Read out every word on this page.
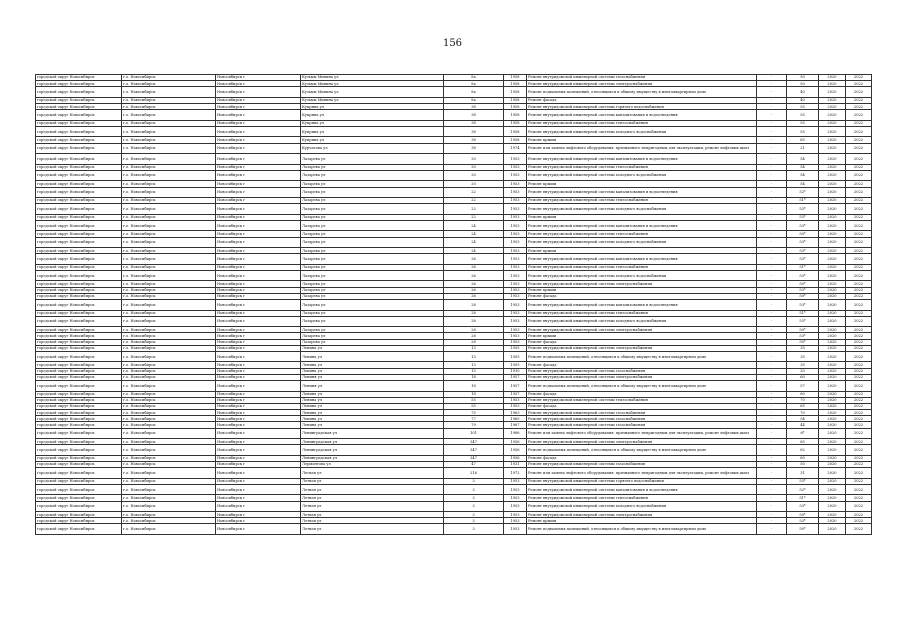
156
городской округ Новосибирск	г.о. Новосибирск	Новосибирск г	Кузьмы Минина ул	8а	1958	Ремонт внутридомовой инженерной системы газоснабжения	-	50	2020	2022
городской округ Новосибирск	г.о. Новосибирск	Новосибирск г	Кузьмы Минина ул	8а	1958	Ремонт внутридомовой инженерной системы электроснабжения	-	50	2020	2022
городской округ Новосибирск	г.о. Новосибирск	Новосибирск г	Кузьмы Минина ул	8а	1958	Ремонт подвальных помещений, относящихся к общему имуществу в многоквартирном доме	-	40	2020	2022
городской округ Новосибирск	г.о. Новосибирск	Новосибирск г	Кузьмы Минина ул	8а	1958	Ремонт фасада	-	40	2020	2022
городской округ Новосибирск	г.о. Новосибирск	Новосибирск г	Куприна ул	38	1958	Ремонт внутридомовой инженерной системы горячего водоснабжения	-	55	2020	2022
городской округ Новосибирск	г.о. Новосибирск	Новосибирск г	Куприна ул	38	1958	Ремонт внутридомовой инженерной системы канализования и водоотведения	-	55	2020	2022
городской округ Новосибирск	г.о. Новосибирск	Новосибирск г	Куприна ул	38	1958	Ремонт внутридомовой инженерной системы теплоснабжения	-	55	2020	2022
городской округ Новосибирск	г.о. Новосибирск	Новосибирск г	Куприна ул	38	1958	Ремонт внутридомовой инженерной системы холодного водоснабжения	-	55	2020	2022
городской округ Новосибирск	г.о. Новосибирск	Новосибирск г	Куприна ул	38	1958	Ремонт крыши	-	65	2020	2022
городской округ Новосибирск	г.о. Новосибирск	Новосибирск г	Курчатова ул	38	1974	Ремонт или замена лифтового оборудования, признанного непригодным для эксплуатации, ремонт лифтовых шахт	-	21	2020	2022
городской округ Новосибирск	г.о. Новосибирск	Новосибирск г	Лазарева ул	20	1953	Ремонт внутридомовой инженерной системы канализования и водоотведения	-	54	2020	2022
городской округ Новосибирск	г.о. Новосибирск	Новосибирск г	Лазарева ул	20	1953	Ремонт внутридомовой инженерной системы теплоснабжения	-	54	2020	2022
городской округ Новосибирск	г.о. Новосибирск	Новосибирск г	Лазарева ул	20	1953	Ремонт внутридомовой инженерной системы холодного водоснабжения	-	54	2020	2022
городской округ Новосибирск	г.о. Новосибирск	Новосибирск г	Лазарева ул	20	1953	Ремонт крыши	-	54	2020	2022
городской округ Новосибирск	г.о. Новосибирск	Новосибирск г	Лазарева ул	22	1953	Ремонт внутридомовой инженерной системы канализования и водоотведения	-	52*	2020	2022
городской округ Новосибирск	г.о. Новосибирск	Новосибирск г	Лазарева ул	22	1953	Ремонт внутридомовой инженерной системы теплоснабжения	-	51*	2020	2022
городской округ Новосибирск	г.о. Новосибирск	Новосибирск г	Лазарева ул	22	1953	Ремонт внутридомовой инженерной системы холодного водоснабжения	-	53*	2020	2022
городской округ Новосибирск	г.о. Новосибирск	Новосибирск г	Лазарева ул	22	1953	Ремонт крыши	-	53*	2020	2022
городской округ Новосибирск	г.о. Новосибирск	Новосибирск г	Лазарева ул	24	1953	Ремонт внутридомовой инженерной системы канализования и водоотведения	-	53*	2020	2022
городской округ Новосибирск	г.о. Новосибирск	Новосибирск г	Лазарева ул	24	1953	Ремонт внутридомовой инженерной системы теплоснабжения	-	50*	2020	2022
городской округ Новосибирск	г.о. Новосибирск	Новосибирск г	Лазарева ул	24	1953	Ремонт внутридомовой инженерной системы холодного водоснабжения	-	53*	2020	2022
городской округ Новосибирск	г.о. Новосибирск	Новосибирск г	Лазарева ул	24	1953	Ремонт крыши	-	53*	2020	2022
городской округ Новосибирск	г.о. Новосибирск	Новосибирск г	Лазарева ул	26	1953	Ремонт внутридомовой инженерной системы канализования и водоотведения	-	53*	2020	2022
городской округ Новосибирск	г.о. Новосибирск	Новосибирск г	Лазарева ул	26	1953	Ремонт внутридомовой инженерной системы теплоснабжения	-	51*	2020	2022
городской округ Новосибирск	г.о. Новосибирск	Новосибирск г	Лазарева ул	26	1953	Ремонт внутридомовой инженерной системы холодного водоснабжения	-	53*	2020	2022
городской округ Новосибирск	г.о. Новосибирск	Новосибирск г	Лазарева ул	26	1953	Ремонт внутридомовой инженерной системы электроснабжения	-	50*	2020	2022
городской округ Новосибирск	г.о. Новосибирск	Новосибирск г	Лазарева ул	26	1953	Ремонт крыши	-	53*	2020	2022
городской округ Новосибирск	г.о. Новосибирск	Новосибирск г	Лазарева ул	26	1953	Ремонт фасада	-	50*	2020	2022
городской округ Новосибирск	г.о. Новосибирск	Новосибирск г	Лазарева ул	28	1953	Ремонт внутридомовой инженерной системы канализования и водоотведения	-	53*	2020	2022
городской округ Новосибирск	г.о. Новосибирск	Новосибирск г	Лазарева ул	28	1953	Ремонт внутридомовой инженерной системы теплоснабжения	-	51*	2020	2022
городской округ Новосибирск	г.о. Новосибирск	Новосибирск г	Лазарева ул	28	1953	Ремонт внутридомовой инженерной системы холодного водоснабжения	-	53*	2020	2022
городской округ Новосибирск	г.о. Новосибирск	Новосибирск г	Лазарева ул	28	1953	Ремонт внутридомовой инженерной системы электроснабжения	-	50*	2020	2022
городской округ Новосибирск	г.о. Новосибирск	Новосибирск г	Лазарева ул	28	1953	Ремонт крыши	-	53*	2020	2022
городской округ Новосибирск	г.о. Новосибирск	Новосибирск г	Лазарева ул	28	1953	Ремонт фасада	-	50*	2020	2022
городской округ Новосибирск	г.о. Новосибирск	Новосибирск г	Ленина ул	13	1955	Ремонт внутридомовой инженерной системы электроснабжения	-	35	2020	2022
городской округ Новосибирск	г.о. Новосибирск	Новосибирск г	Ленина ул	13	1955	Ремонт подвальных помещений, относящихся к общему имуществу в многоквартирном доме	-	35	2020	2022
городской округ Новосибирск	г.о. Новосибирск	Новосибирск г	Ленина ул	13	1955	Ремонт фасада	-	35	2020	2022
городской округ Новосибирск	г.о. Новосибирск	Новосибирск г	Ленина ул	15	1910	Ремонт внутридомовой инженерной системы газоснабжения	-	20	2020	2022
городской округ Новосибирск	г.о. Новосибирск	Новосибирск г	Лениня ул	18	1957	Ремонт внутридомовой инженерной системы электроснабжения	-	60	2020	2022
городской округ Новосибирск	г.о. Новосибирск	Новосибирск г	Лениня ул	18	1957	Ремонт подвальных помещений, относящихся к общему имуществу в многоквартирном доме	-	57	2020	2022
городской округ Новосибирск	г.о. Новосибирск	Новосибирск г	Ленина ул	18	1957	Ремонт фасада	-	60	2020	2022
городской округ Новосибирск	г.о. Новосибирск	Новосибирск г	Ленина ул	55	1953	Ремонт внутридомовой инженерной системы теплоснабжения	-	70	2020	2022
городской округ Новосибирск	г.о. Новосибирск	Новосибирск г	Ленина ул	55	1953	Ремонт фасада	-	65	2020	2022
городской округ Новосибирск	г.о. Новосибирск	Новосибирск г	Ленина ул	75	1963	Ремонт внутридомовой инженерной системы газоснабжения	-	70	2020	2022
городской округ Новосибирск	г.о. Новосибирск	Новосибирск г	Ленина ул	77	1965	Ремонт внутридомовой инженерной системы газоснабжения	-	54	2020	2022
городской округ Новосибирск	г.о. Новосибирск	Новосибирск г	Ленина ул	79	1967	Ремонт внутридомовой инженерной системы газоснабжения	-	44	2020	2022
городской округ Новосибирск	г.о. Новосибирск	Новосибирск г	Ленинградская ул	101	1986	Ремонт или замена лифтового оборудования, признанного непригодным для эксплуатации, ремонт лифтовых шахт	-	6*	2020	2022
городской округ Новосибирск	г.о. Новосибирск	Новосибирск г	Ленинградская ул	347	1956	Ремонт внутридомовой инженерной системы электроснабжения	-	65	2020	2022
городской округ Новосибирск	г.о. Новосибирск	Новосибирск г	Ленинградская ул	347	1956	Ремонт подвальных помещений, относящихся к общему имуществу в многоквартирном доме	-	62	2020	2022
городской округ Новосибирск	г.о. Новосибирск	Новосибирск г	Ленинградская ул	347	1956	Ремонт фасада	-	65	2020	2022
городской округ Новосибирск	г.о. Новосибирск	Новосибирск г	Лермонтова ул	47	1931	Ремонт внутридомовой инженерной системы газоснабжения	-	50	2020	2022
городской округ Новосибирск	г.о. Новосибирск	Новосибирск г	Лесная ул	216	1972	Ремонт или замена лифтового оборудования, признанного непригодным для эксплуатации, ремонт лифтовых шахт	-	31	2020	2022
городской округ Новосибирск	г.о. Новосибирск	Новосибирск г	Летная ул	3	1953	Ремонт внутридомовой инженерной системы горячего водоснабжения	-	53*	2020	2022
городской округ Новосибирск	г.о. Новосибирск	Новосибирск г	Летная ул	3	1953	Ремонт внутридомовой инженерной системы канализования и водоотведения	-	52*	2020	2022
городской округ Новосибирск	г.о. Новосибирск	Новосибирск г	Летная ул	3	1953	Ремонт внутридомовой инженерной системы теплоснабжения	-	51*	2020	2022
городской округ Новосибирск	г.о. Новосибирск	Новосибирск г	Летная ул	3	1953	Ремонт внутридомовой инженерной системы холодного водоснабжения	-	53*	2020	2022
городской округ Новосибирск	г.о. Новосибирск	Новосибирск г	Летная ул	3	1953	Ремонт внутридомовой инженерной системы электроснабжения	-	50*	2020	2022
городской округ Новосибирск	г.о. Новосибирск	Новосибирск г	Летная ул	3	1953	Ремонт крыши	-	53*	2020	2022
городской округ Новосибирск	г.о. Новосибирск	Новосибирск г	Летная ул	3	1953	Ремонт подвальных помещений, относящихся к общему имуществу в многоквартирном доме	-	50*	2020	2022
